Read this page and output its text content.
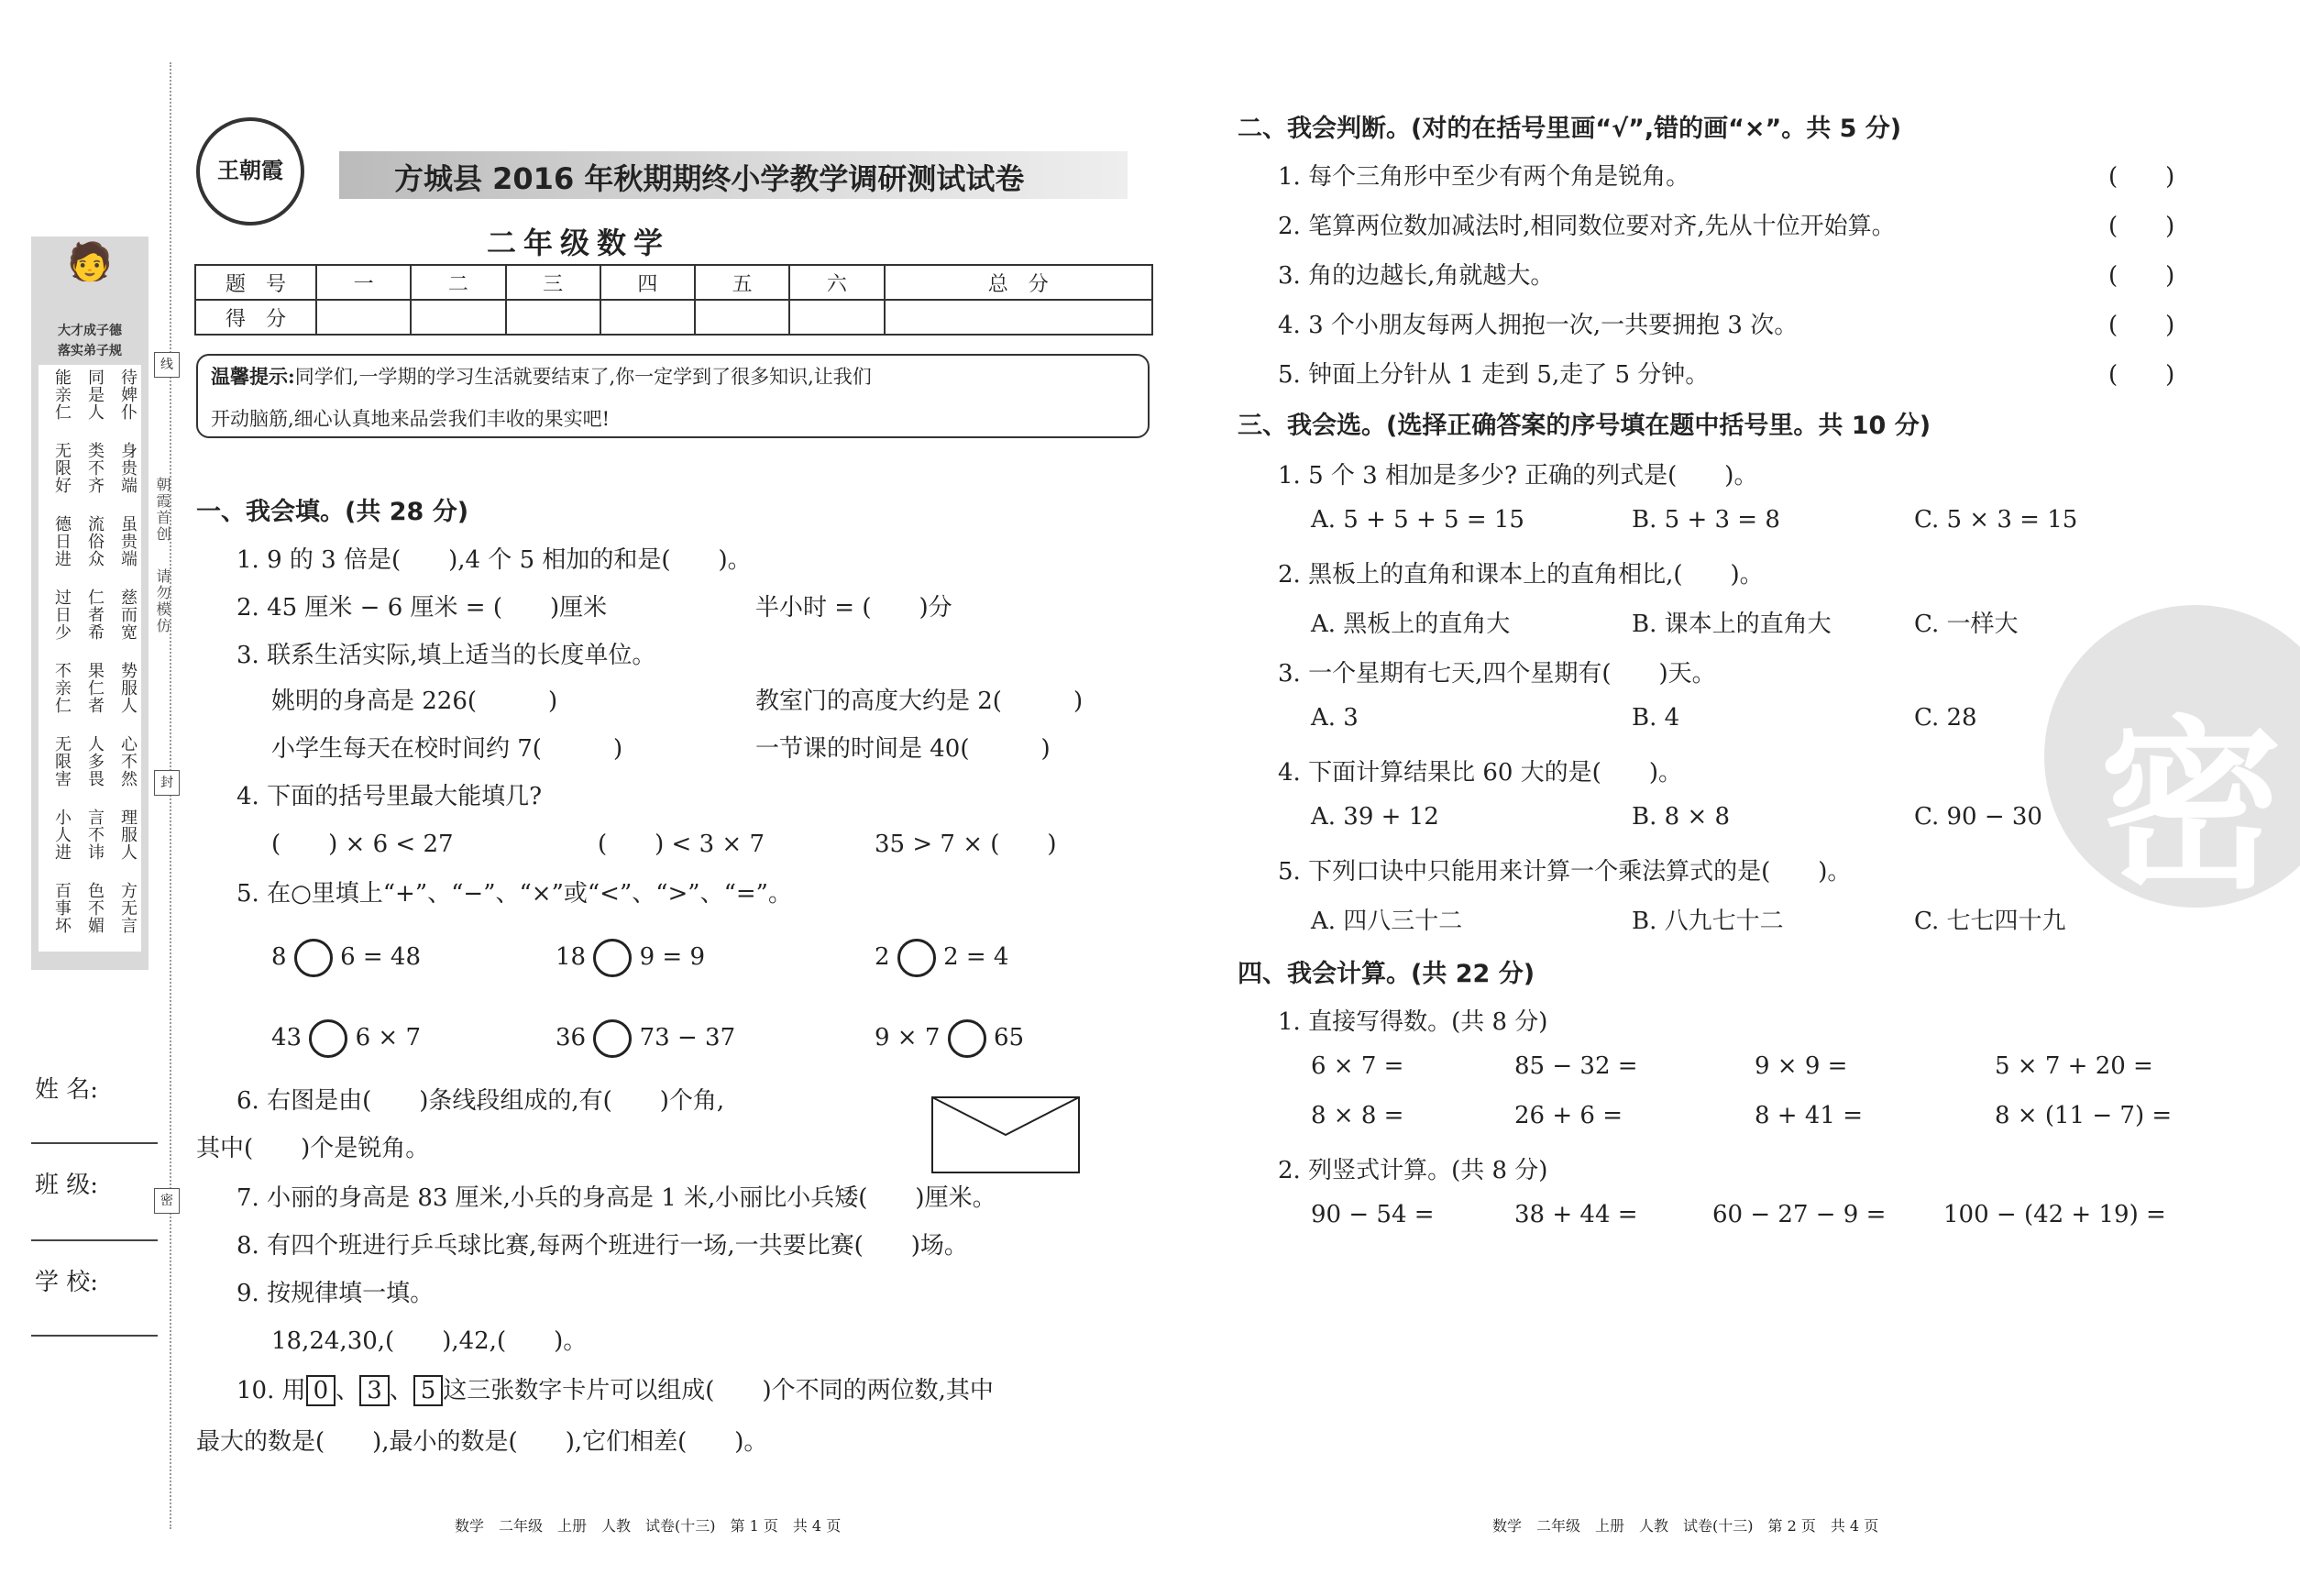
🧑
大才成子德
落实弟子规
能亲仁 同是人 待婢仆
无限好 类不齐 身贵端
德日进 流俗众 虽贵端
过日少 仁者希 慈而宽
不亲仁 果仁者 势服人
无限害 人多畏 心不然
小人进 言不讳 理服人
百事坏 色不媚 方无言
线
朝霞首创
请勿模仿
封
密
姓 名:
班 级:
学 校:
王朝霞	方城县 2016 年秋期期终小学教学调研测试试卷
二年级数学
题　号	一	二	三	四	五	六	总　分
得　分							
温馨提示:同学们,一学期的学习生活就要结束了,你一定学到了很多知识,让我们
开动脑筋,细心认真地来品尝我们丰收的果实吧!
一、我会填。(共 28 分)
1. 9 的 3 倍是(　　),4 个 5 相加的和是(　　)。
2. 45 厘米 − 6 厘米 = (　　)厘米	半小时 = (　　)分
3. 联系生活实际,填上适当的长度单位。
姚明的身高是 226(　　　)	教室门的高度大约是 2(　　　)
小学生每天在校时间约 7(　　　)	一节课的时间是 40(　　　)
4. 下面的括号里最大能填几?
(　　) × 6 < 27	(　　) < 3 × 7	35 > 7 × (　　)
5. 在○里填上“+”、“−”、“×”或“<”、“>”、“=”。
8 6 = 48	18 9 = 9	2 2 = 4
43 6 × 7	36 73 − 37	9 × 7 65
6. 右图是由(　　)条线段组成的,有(　　)个角,
其中(　　)个是锐角。
7. 小丽的身高是 83 厘米,小兵的身高是 1 米,小丽比小兵矮(　　)厘米。
8. 有四个班进行乒乓球比赛,每两个班进行一场,一共要比赛(　　)场。
9. 按规律填一填。
18,24,30,(　　),42,(　　)。
10. 用 0 、 3 、 5 这三张数字卡片可以组成(　　)个不同的两位数,其中
最大的数是(　　),最小的数是(　　),它们相差(　　)。
密
二、我会判断。(对的在括号里画“√”,错的画“×”。共 5 分)
1. 每个三角形中至少有两个角是锐角。	(　　)
2. 笔算两位数加减法时,相同数位要对齐,先从十位开始算。	(　　)
3. 角的边越长,角就越大。	(　　)
4. 3 个小朋友每两人拥抱一次,一共要拥抱 3 次。	(　　)
5. 钟面上分针从 1 走到 5,走了 5 分钟。	(　　)
三、我会选。(选择正确答案的序号填在题中括号里。共 10 分)
1. 5 个 3 相加是多少? 正确的列式是(　　)。
A. 5 + 5 + 5 = 15	B. 5 + 3 = 8	C. 5 × 3 = 15
2. 黑板上的直角和课本上的直角相比,(　　)。
A. 黑板上的直角大	B. 课本上的直角大	C. 一样大
3. 一个星期有七天,四个星期有(　　)天。
A. 3	B. 4	C. 28
4. 下面计算结果比 60 大的是(　　)。
A. 39 + 12	B. 8 × 8	C. 90 − 30
5. 下列口诀中只能用来计算一个乘法算式的是(　　)。
A. 四八三十二	B. 八九七十二	C. 七七四十九
四、我会计算。(共 22 分)
1. 直接写得数。(共 8 分)
6 × 7 =	85 − 32 =	9 × 9 =	5 × 7 + 20 =
8 × 8 =	26 + 6 =	8 + 41 =	8 × (11 − 7) =
2. 列竖式计算。(共 8 分)
90 − 54 =	38 + 44 =	60 − 27 − 9 = 100 − (42 + 19) =
数学　二年级　上册　人教　试卷(十三)　第 1 页　共 4 页	数学　二年级　上册　人教　试卷(十三)　第 2 页　共 4 页
